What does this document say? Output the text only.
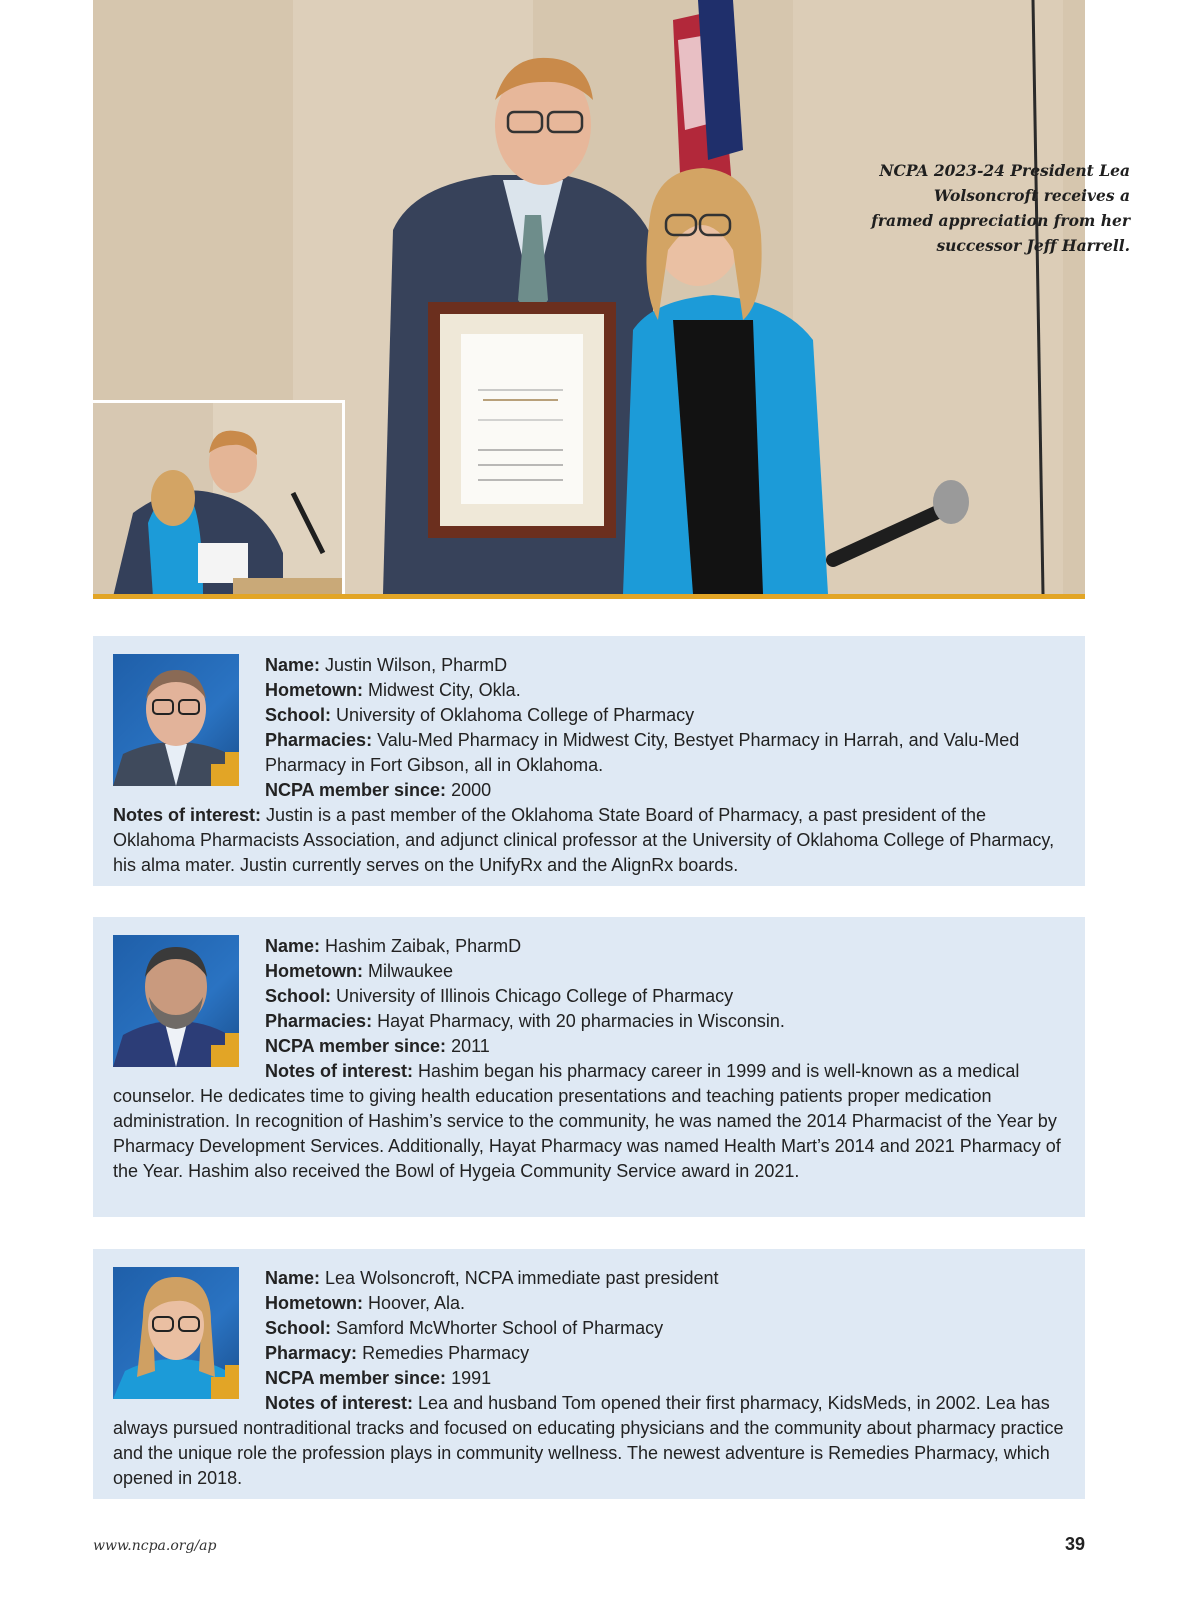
NCPA 2023-24 President Lea Wolsoncroft receives a framed appreciation from her successor Jeff Harrell.

Name: Justin Wilson, PharmD

Hometown: Midwest City, Okla.

School: University of Oklahoma College of Pharmacy

Pharmacies: Valu-Med Pharmacy in Midwest City, Bestyet Pharmacy in Harrah, and Valu-Med Pharmacy in Fort Gibson, all in Oklahoma.

NCPA member since: 2000

Notes of interest: Justin is a past member of the Oklahoma State Board of Pharmacy, a past president of the Oklahoma Pharmacists Association, and adjunct clinical professor at the University of Oklahoma College of Pharmacy, his alma mater. Justin currently serves on the UnifyRx and the AlignRx boards.

Name: Hashim Zaibak, PharmD

Hometown: Milwaukee

School: University of Illinois Chicago College of Pharmacy

Pharmacies: Hayat Pharmacy, with 20 pharmacies in Wisconsin.

NCPA member since: 2011

Notes of interest: Hashim began his pharmacy career in 1999 and is well-known as a medical counselor. He dedicates time to giving health education presentations and teaching patients proper medication administration. In recognition of Hashim’s service to the community, he was named the 2014 Pharmacist of the Year by Pharmacy Development Services. Additionally, Hayat Pharmacy was named Health Mart’s 2014 and 2021 Pharmacy of the Year. Hashim also received the Bowl of Hygeia Community Service award in 2021.

Name: Lea Wolsoncroft, NCPA immediate past president

Hometown: Hoover, Ala.

School: Samford McWhorter School of Pharmacy

Pharmacy: Remedies Pharmacy

NCPA member since: 1991

Notes of interest: Lea and husband Tom opened their first pharmacy, KidsMeds, in 2002. Lea has always pursued nontraditional tracks and focused on educating physicians and the community about pharmacy practice and the unique role the profession plays in community wellness. The newest adventure is Remedies Pharmacy, which opened in 2018.

www.ncpa.org/ap	39
